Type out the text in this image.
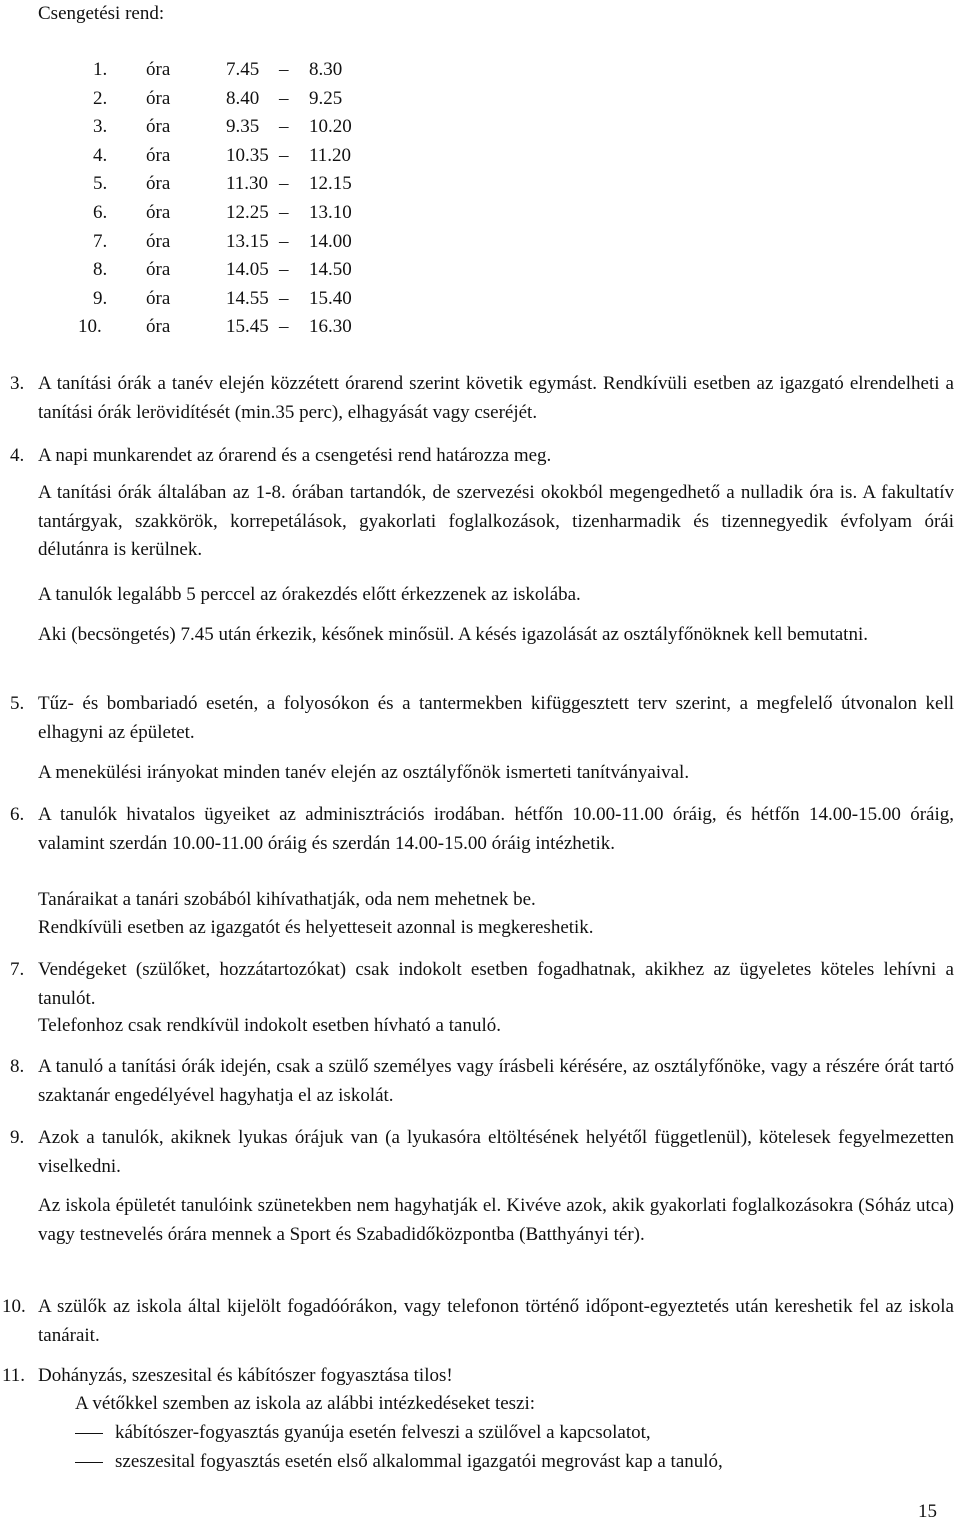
Csengetési rend:
1. óra	7.45 – 8.30
2. óra	8.40 – 9.25
3. óra	9.35 – 10.20
4. óra	10.35 – 11.20
5. óra	11.30 – 12.15
6. óra	12.25 – 13.10
7. óra	13.15 – 14.00
8. óra	14.05 – 14.50
9. óra	14.55 – 15.40
10. óra	15.45 – 16.30
3. A tanítási órák a tanév elején közzétett órarend szerint követik egymást. Rendkívüli esetben az igazgató elrendelheti a tanítási órák lerövidítését (min.35 perc), elhagyását vagy cseréjét.
4. A napi munkarendet az órarend és a csengetési rend határozza meg.
A tanítási órák általában az 1-8. órában tartandók, de szervezési okokból megengedhető a nulladik óra is. A fakultatív tantárgyak, szakkörök, korrepetálások, gyakorlati foglalkozások, tizenharmadik és tizennegyedik évfolyam órái délutánra is kerülnek.
A tanulók legalább 5 perccel az órakezdés előtt érkezzenek az iskolába.
Aki (becsöngetés) 7.45 után érkezik, későnek minősül. A késés igazolását az osztályfőnöknek kell bemutatni.
5. Tűz- és bombariadó esetén, a folyosókon és a tantermekben kifüggesztett terv szerint, a megfelelő útvonalon kell elhagyni az épületet.
A menekülési irányokat minden tanév elején az osztályfőnök ismerteti tanítványaival.
6. A tanulók hivatalos ügyeiket az adminisztrációs irodában. hétfőn 10.00-11.00 óráig, és hétfőn 14.00-15.00 óráig, valamint szerdán 10.00-11.00 óráig és szerdán 14.00-15.00 óráig intézhetik.
Tanáraikat a tanári szobából kihívathatják, oda nem mehetnek be.
Rendkívüli esetben az igazgatót és helyetteseit azonnal is megkereshetik.
7. Vendégeket (szülőket, hozzátartozókat) csak indokolt esetben fogadhatnak, akikhez az ügyeletes köteles lehívni a tanulót.
Telefonhoz csak rendkívül indokolt esetben hívható a tanuló.
8. A tanuló a tanítási órák idején, csak a szülő személyes vagy írásbeli kérésére, az osztályfőnöke, vagy a részére órát tartó szaktanár engedélyével hagyhatja el az iskolát.
9. Azok a tanulók, akiknek lyukas órájuk van (a lyukasóra eltöltésének helyétől függetlenül), kötelesek fegyelmezetten viselkedni.
Az iskola épületét tanulóink szünetekben nem hagyhatják el. Kivéve azok, akik gyakorlati foglalkozásokra (Sóház utca) vagy testnevelés órára mennek a Sport és Szabadidőközpontba (Batthyányi tér).
10. A szülők az iskola által kijelölt fogadóórákon, vagy telefonon történő időpont-egyeztetés után kereshetik fel az iskola tanárait.
11. Dohányzás, szeszesital és kábítószer fogyasztása tilos!
A vétőkkel szemben az iskola az alábbi intézkedéseket teszi:
kábítószer-fogyasztás gyanúja esetén felveszi a szülővel a kapcsolatot,
szeszesital fogyasztás esetén első alkalommal igazgatói megrovást kap a tanuló,
15
